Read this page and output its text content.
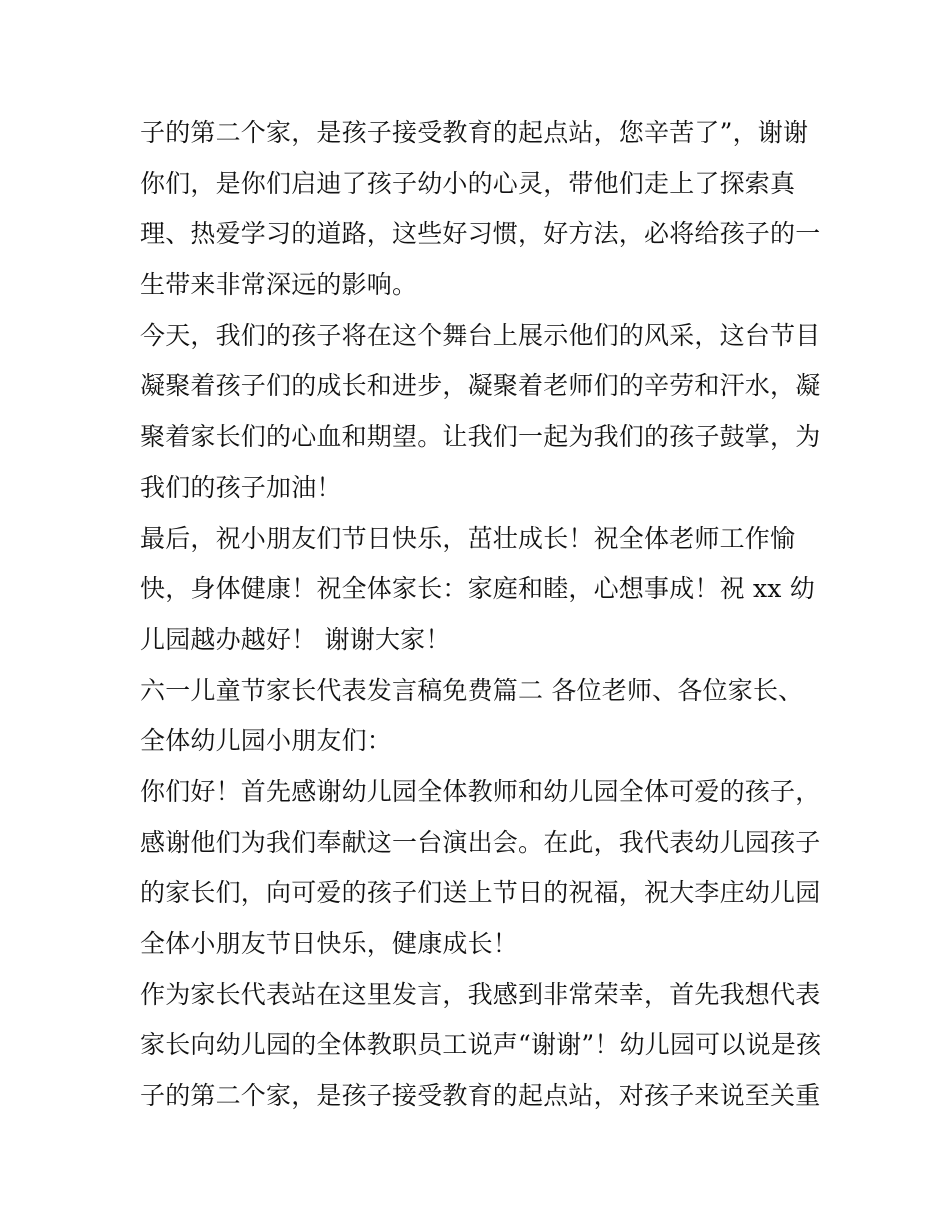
子的第二个家，是孩子接受教育的起点站，您辛苦了”，谢谢
你们，是你们启迪了孩子幼小的心灵，带他们走上了探索真
理、热爱学习的道路，这些好习惯，好方法，必将给孩子的一
生带来非常深远的影响。
今天，我们的孩子将在这个舞台上展示他们的风采，这台节目
凝聚着孩子们的成长和进步，凝聚着老师们的辛劳和汗水，凝
聚着家长们的心血和期望。让我们一起为我们的孩子鼓掌，为
我们的孩子加油！
最后，祝小朋友们节日快乐，茁壮成长！祝全体老师工作愉
快，身体健康！祝全体家长：家庭和睦，心想事成！祝 xx 幼
儿园越办越好！ 谢谢大家！
六一儿童节家长代表发言稿免费篇二 各位老师、各位家长、
全体幼儿园小朋友们：
你们好！首先感谢幼儿园全体教师和幼儿园全体可爱的孩子，
感谢他们为我们奉献这一台演出会。在此，我代表幼儿园孩子
的家长们，向可爱的孩子们送上节日的祝福，祝大李庄幼儿园
全体小朋友节日快乐，健康成长！
作为家长代表站在这里发言，我感到非常荣幸，首先我想代表
家长向幼儿园的全体教职员工说声“谢谢”！幼儿园可以说是孩
子的第二个家，是孩子接受教育的起点站，对孩子来说至关重
